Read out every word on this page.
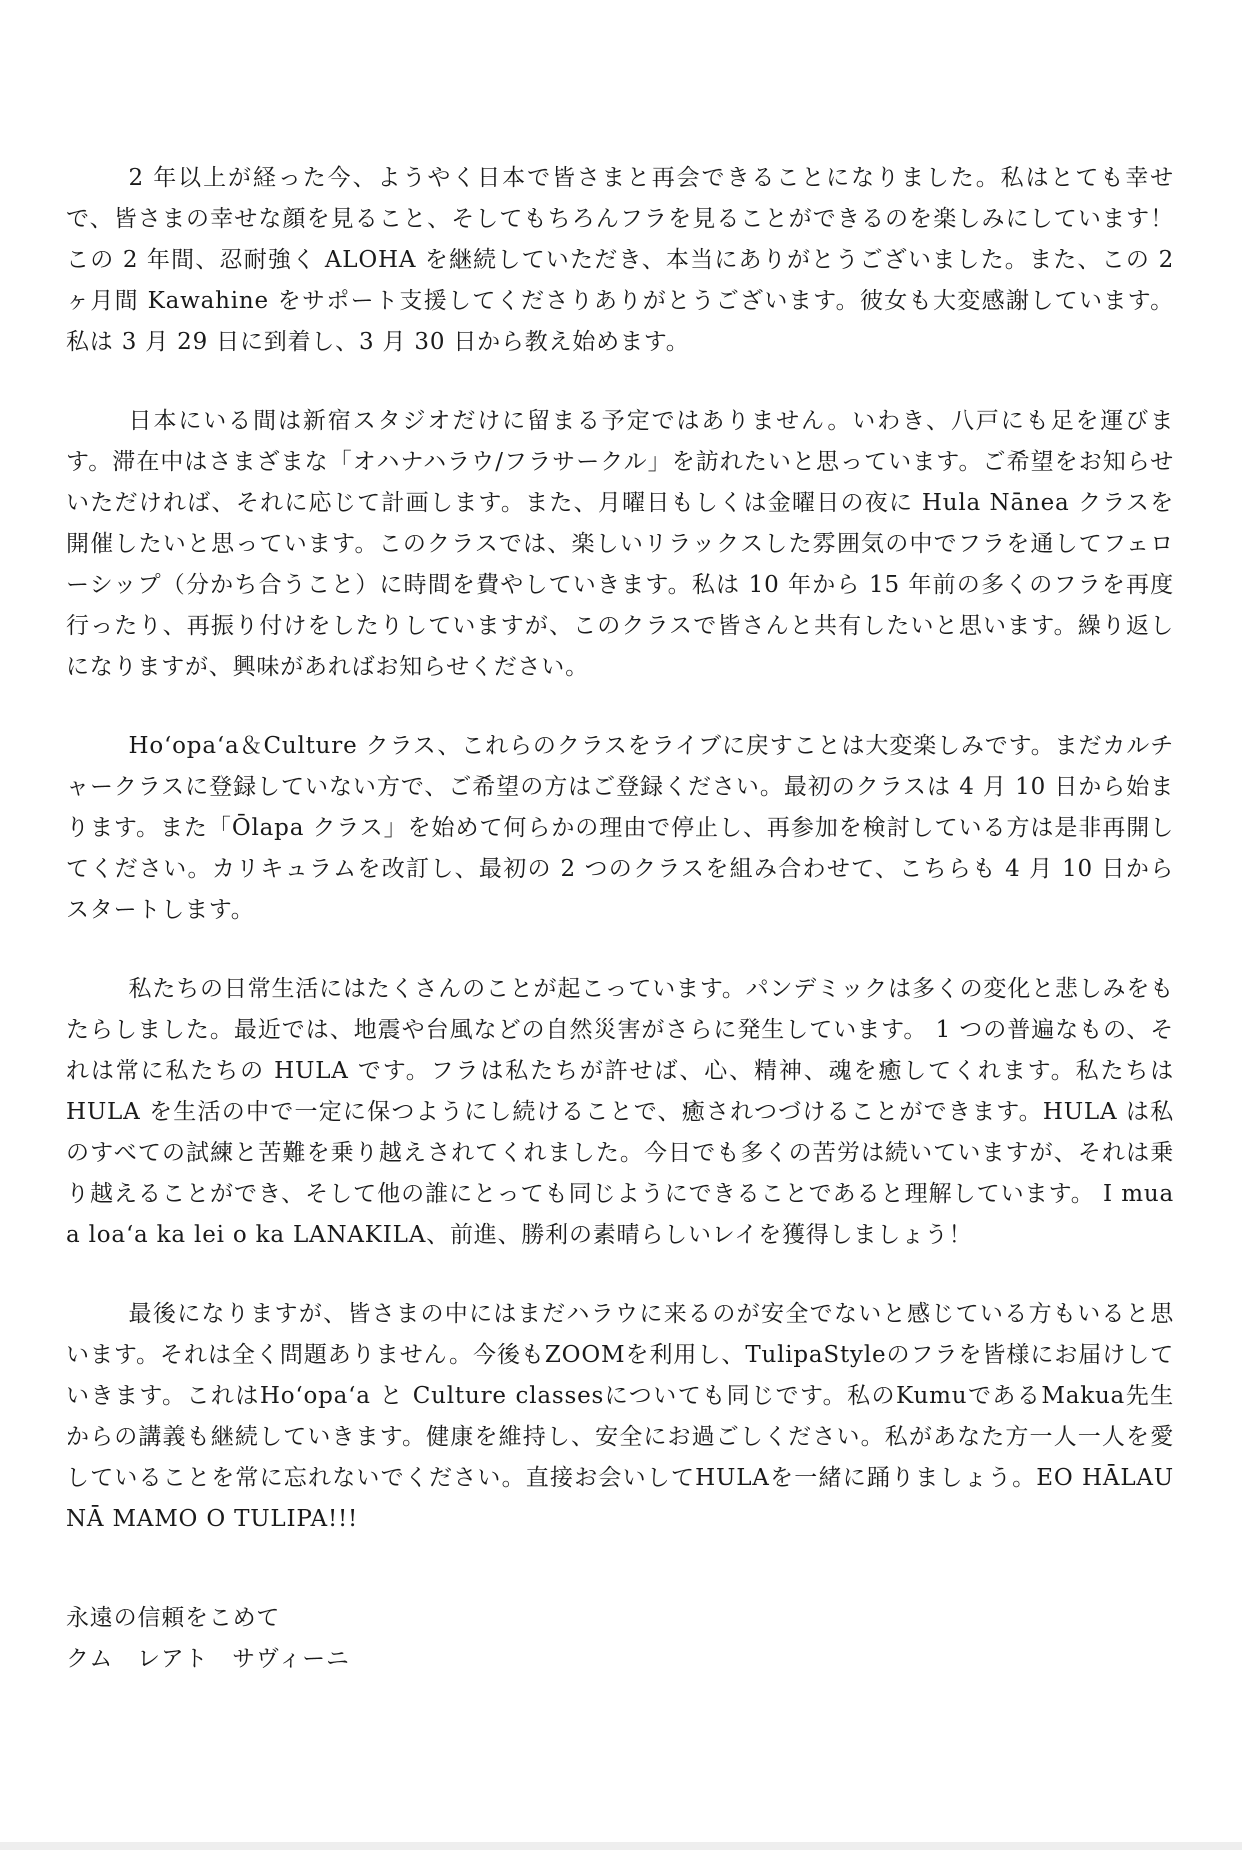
2 年以上が経った今、ようやく日本で皆さまと再会できることになりました。私はとても幸せで、皆さまの幸せな顔を見ること、そしてもちろんフラを見ることができるのを楽しみにしています！この 2 年間、忍耐強く ALOHA を継続していただき、本当にありがとうございました。また、この 2 ヶ月間 Kawahine をサポート支援してくださりありがとうございます。彼女も大変感謝しています。私は 3 月 29 日に到着し、3 月 30 日から教え始めます。

日本にいる間は新宿スタジオだけに留まる予定ではありません。いわき、八戸にも足を運びます。滞在中はさまざまな「オハナハラウ/フラサークル」を訪れたいと思っています。ご希望をお知らせいただければ、それに応じて計画します。また、月曜日もしくは金曜日の夜に Hula Nānea クラスを開催したいと思っています。このクラスでは、楽しいリラックスした雰囲気の中でフラを通してフェローシップ（分かち合うこと）に時間を費やしていきます。私は 10 年から 15 年前の多くのフラを再度行ったり、再振り付けをしたりしていますが、このクラスで皆さんと共有したいと思います。繰り返しになりますが、興味があればお知らせください。

Hoʻopaʻa＆Culture クラス、これらのクラスをライブに戻すことは大変楽しみです。まだカルチャークラスに登録していない方で、ご希望の方はご登録ください。最初のクラスは 4 月 10 日から始まります。また「Ōlapa クラス」を始めて何らかの理由で停止し、再参加を検討している方は是非再開してください。カリキュラムを改訂し、最初の 2 つのクラスを組み合わせて、こちらも 4 月 10 日からスタートします。

私たちの日常生活にはたくさんのことが起こっています。パンデミックは多くの変化と悲しみをもたらしました。最近では、地震や台風などの自然災害がさらに発生しています。 1 つの普遍なもの、それは常に私たちの HULA です。フラは私たちが許せば、心、精神、魂を癒してくれます。私たちは HULA を生活の中で一定に保つようにし続けることで、癒されつづけることができます。HULA は私のすべての試練と苦難を乗り越えされてくれました。今日でも多くの苦労は続いていますが、それは乗り越えることができ、そして他の誰にとっても同じようにできることであると理解しています。 I mua a loaʻa ka lei o ka LANAKILA、前進、勝利の素晴らしいレイを獲得しましょう！

最後になりますが、皆さまの中にはまだハラウに来るのが安全でないと感じている方もいると思います。それは全く問題ありません。今後もZOOMを利用し、TulipaStyleのフラを皆様にお届けしていきます。これはHoʻopaʻa と Culture classesについても同じです。私のKumuであるMakua先生からの講義も継続していきます。健康を維持し、安全にお過ごしください。私があなた方一人一人を愛していることを常に忘れないでください。直接お会いしてHULAを一緒に踊りましょう。EO HĀLAU NĀ MAMO O TULIPA!!!

永遠の信頼をこめて
クム　レアト　サヴィーニ
